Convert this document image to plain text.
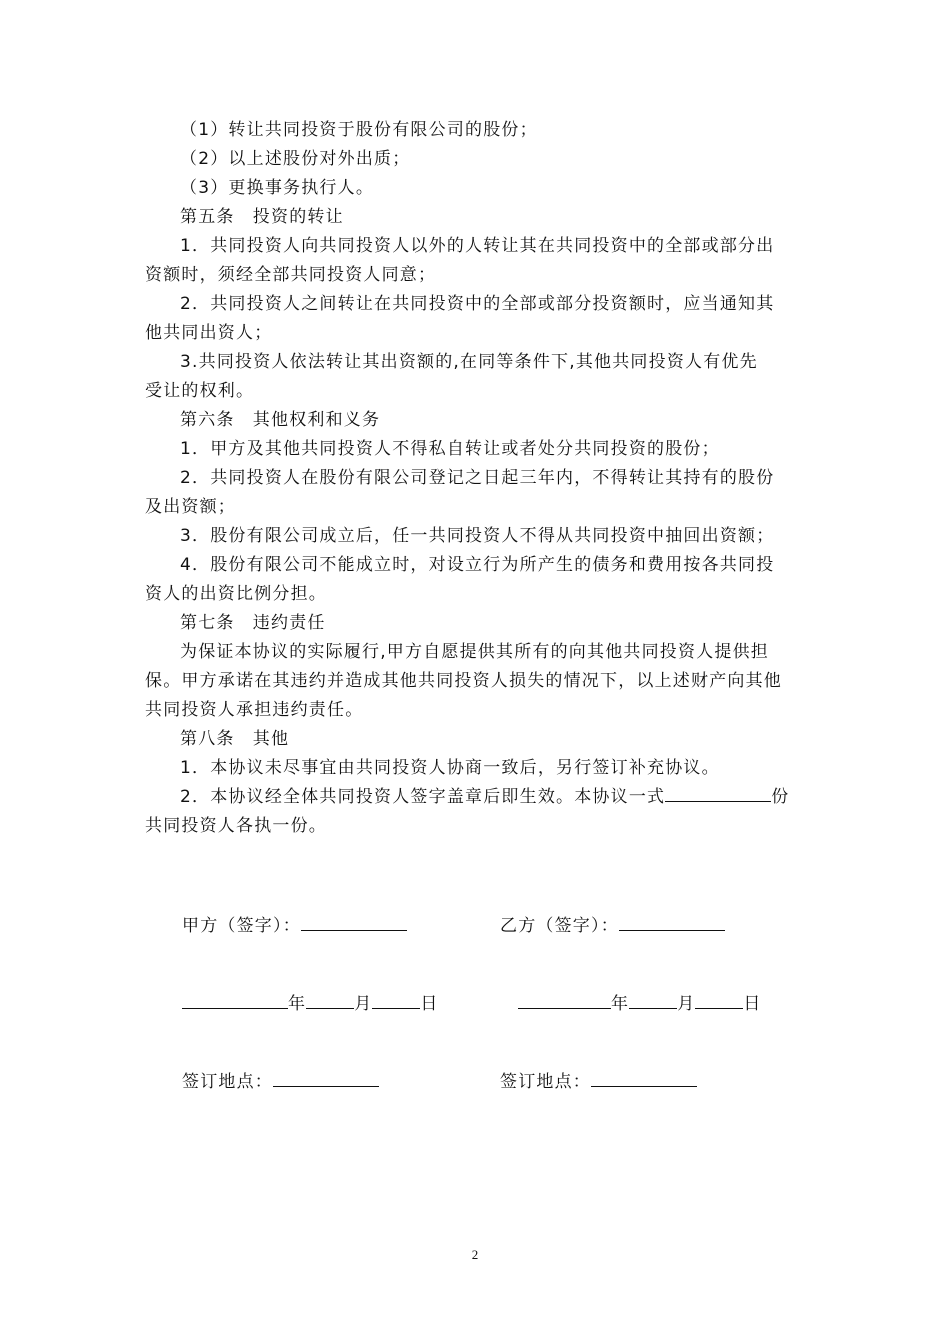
（1）转让共同投资于股份有限公司的股份；
（2）以上述股份对外出质；
（3）更换事务执行人。
第五条　投资的转让
1．共同投资人向共同投资人以外的人转让其在共同投资中的全部或部分出
资额时，须经全部共同投资人同意；
2．共同投资人之间转让在共同投资中的全部或部分投资额时，应当通知其
他共同出资人；
3.共同投资人依法转让其出资额的,在同等条件下,其他共同投资人有优先
受让的权利。
第六条　其他权利和义务
1．甲方及其他共同投资人不得私自转让或者处分共同投资的股份；
2．共同投资人在股份有限公司登记之日起三年内，不得转让其持有的股份
及出资额；
3．股份有限公司成立后，任一共同投资人不得从共同投资中抽回出资额；
4．股份有限公司不能成立时，对设立行为所产生的债务和费用按各共同投
资人的出资比例分担。
第七条　违约责任
为保证本协议的实际履行,甲方自愿提供其所有的向其他共同投资人提供担
保。甲方承诺在其违约并造成其他共同投资人损失的情况下，以上述财产向其他
共同投资人承担违约责任。
第八条　其他
1．本协议未尽事宜由共同投资人协商一致后，另行签订补充协议。
2．本协议经全体共同投资人签字盖章后即生效。本协议一式	份
共同投资人各执一份。
甲方（签字）：	乙方（签字）：
年	月	日	年	月	日
签订地点：	签订地点：
2
